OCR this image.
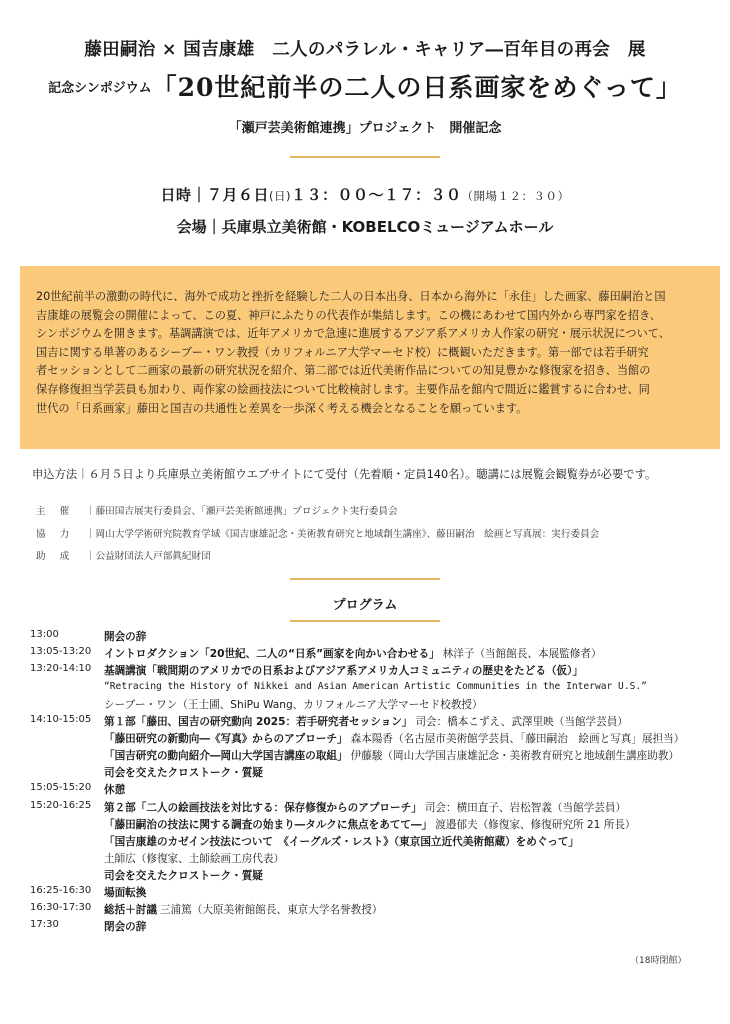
藤田嗣治 × 国吉康雄　二人のパラレル・キャリア―百年目の再会　展
$^{記念シンポジウム}$「20世紀前半の二人の日系画家をめぐって」
「瀬戸芸美術館連携」プロジェクト　開催記念
日時｜７月６日(日)１３：００～１７：３０（開場１２：３０）
会場｜兵庫県立美術館・KOBELCOミュージアムホール

20世紀前半の激動の時代に、海外で成功と挫折を経験した二人の日本出身、日本から海外に「永住」した画家、藤田嗣治と国

吉康雄の展覧会の開催によって、この夏、神戸にふたりの代表作が集結します。この機にあわせて国内外から専門家を招き、

シンポジウムを開きます。基調講演では、近年アメリカで急速に進展するアジア系アメリカ人作家の研究・展示状況について、

国吉に関する単著のあるシーブー・ワン教授（カリフォルニア大学マーセド校）に概観いただきます。第一部では若手研究

者セッションとして二画家の最新の研究状況を紹介、第二部では近代美術作品についての知見豊かな修復家を招き、当館の

保存修復担当学芸員も加わり、両作家の絵画技法について比較検討します。主要作品を館内で間近に鑑賞するに合わせ、同

世代の「日系画家」藤田と国吉の共通性と差異を一歩深く考える機会となることを願っています。

申込方法｜６月５日より兵庫県立美術館ウエブサイトにて受付（先着順・定員140名）。聴講には展覧会観覧券が必要です。
主催 ｜藤田国吉展実行委員会、「瀬戸芸美術館連携」プロジェクト実行委員会
協力 ｜岡山大学学術研究院教育学域《国吉康雄記念・美術教育研究と地域創生講座》、藤田嗣治　絵画と写真展：実行委員会
助成 ｜公益財団法人戸部眞紀財団
プログラム
13:00	開会の辞
13:05-13:20 イントロダクション「20世紀、二人の“日系”画家を向かい合わせる」 林洋子（当館館長、本展監修者）
13:20-14:10 基調講演「戦間期のアメリカでの日系およびアジア系アメリカ人コミュニティの歴史をたどる（仮）」
“Retracing the History of Nikkei and Asian American Artistic Communities in the Interwar U.S.”
シーブー・ワン（王士圃、ShiPu Wang、カリフォルニア大学マーセド校教授）
14:10-15:05 第１部「藤田、国吉の研究動向 2025：若手研究者セッション」 司会：橋本こずえ、武澤里映（当館学芸員）
「藤田研究の新動向―《写真》からのアプローチ」 森本陽香（名古屋市美術館学芸員、「藤田嗣治　絵画と写真」展担当）
「国吉研究の動向紹介―岡山大学国吉講座の取組」 伊藤駿（岡山大学国吉康雄記念・美術教育研究と地域創生講座助教）
司会を交えたクロストーク・質疑
15:05-15:20 休憩
15:20-16:25 第２部「二人の絵画技法を対比する：保存修復からのアプローチ」 司会：横田直子、岩松智義（当館学芸員）
「藤田嗣治の技法に関する調査の始まり―タルクに焦点をあてて―」 渡邉郁夫（修復家、修復研究所 21 所長）
「国吉康雄のカゼイン技法について　《イーグルズ・レスト》（東京国立近代美術館蔵）をめぐって」
土師広（修復家、土師絵画工房代表）
司会を交えたクロストーク・質疑
16:25-16:30 場面転換
16:30-17:30 総括＋討議 三浦篤（大原美術館館長、東京大学名誉教授）
17:30	閉会の辞
（18時閉館）
